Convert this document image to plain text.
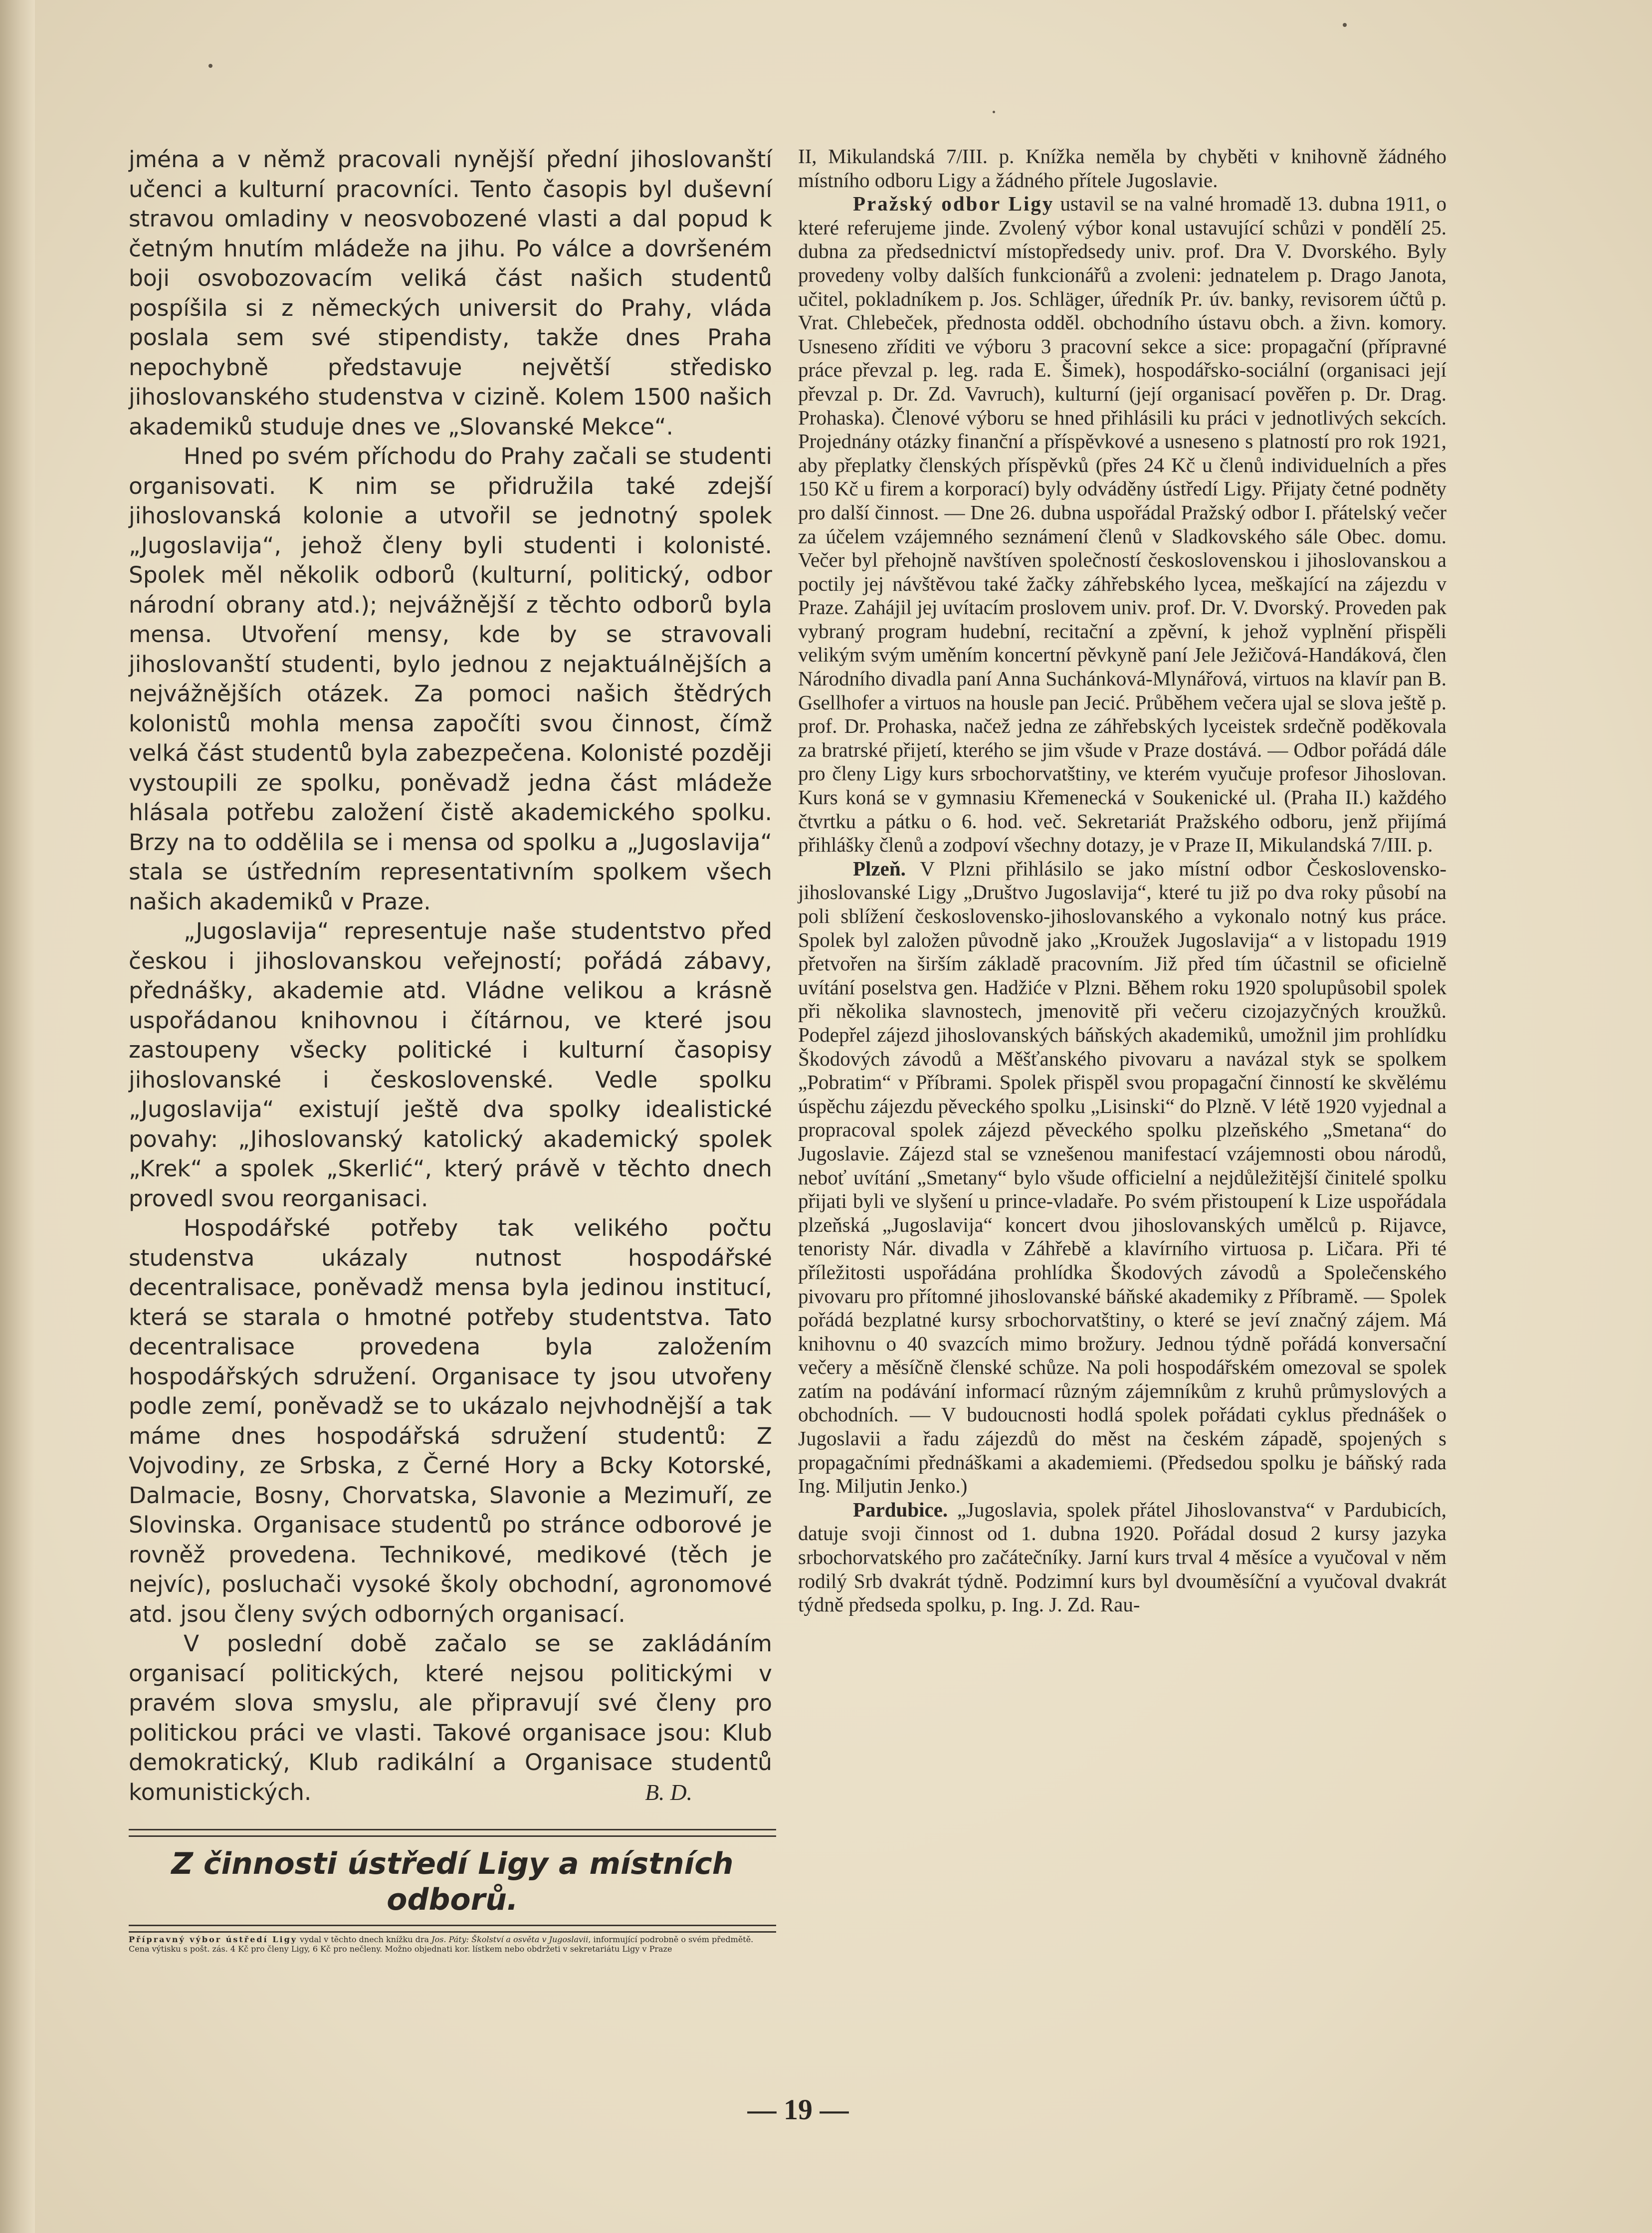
jména a v němž pracovali nynější přední jihoslovanští učenci a kulturní pracovníci. Tento časopis byl duševní stravou omladiny v neosvobozené vlasti a dal popud k četným hnutím mládeže na jihu. Po válce a dovršeném boji osvobozovacím veliká část našich studentů pospíšila si z německých universit do Prahy, vláda poslala sem své stipendisty, takže dnes Praha nepochybně představuje největší středisko jihoslovanského studenstva v cizině. Kolem 1500 našich akademiků studuje dnes ve „Slovanské Mekce“.

Hned po svém příchodu do Prahy začali se studenti organisovati. K nim se přidružila také zdejší jihoslovanská kolonie a utvořil se jednotný spolek „Jugoslavija“, jehož členy byli studenti i kolonisté. Spolek měl několik odborů (kulturní, politický, odbor národní obrany atd.); nejvážnější z těchto odborů byla mensa. Utvoření mensy, kde by se stravovali jihoslovanští studenti, bylo jednou z nejaktuálnějších a nejvážnějších otázek. Za pomoci našich štědrých kolonistů mohla mensa započíti svou činnost, čímž velká část studentů byla zabezpečena. Kolonisté později vystoupili ze spolku, poněvadž jedna část mládeže hlásala potřebu založení čistě akademického spolku. Brzy na to oddělila se i mensa od spolku a „Jugoslavija“ stala se ústředním representativním spolkem všech našich akademiků v Praze.

„Jugoslavija“ representuje naše studentstvo před českou i jihoslovanskou veřejností; pořádá zábavy, přednášky, akademie atd. Vládne velikou a krásně uspořádanou knihovnou i čítárnou, ve které jsou zastoupeny všecky politické i kulturní časopisy jihoslovanské i československé. Vedle spolku „Jugoslavija“ existují ještě dva spolky idealistické povahy: „Jihoslovanský katolický akademický spolek „Krek“ a spolek „Skerlić“, který právě v těchto dnech provedl svou reorganisaci.

Hospodářské potřeby tak velikého počtu studenstva ukázaly nutnost hospodářské decentralisace, poněvadž mensa byla jedinou institucí, která se starala o hmotné potřeby studentstva. Tato decentralisace provedena byla založením hospodářských sdružení. Organisace ty jsou utvořeny podle zemí, poněvadž se to ukázalo nejvhodnější a tak máme dnes hospodářská sdružení studentů: Z Vojvodiny, ze Srbska, z Černé Hory a Bcky Kotorské, Dalmacie, Bosny, Chorvatska, Slavonie a Mezimuří, ze Slovinska. Organisace studentů po stránce odborové je rovněž provedena. Technikové, medikové (těch je nejvíc), posluchači vysoké školy obchodní, agronomové atd. jsou členy svých odborných organisací.

V poslední době začalo se se zakládáním organisací politických, které nejsou politickými v pravém slova smyslu, ale připravují své členy pro politickou práci ve vlasti. Takové organisace jsou: Klub demokratický, Klub radikální a Organisace studentů komunistických.	B. D.

Z činnosti ústředí Ligy a místních odborů.

Přípravný výbor ústředí Ligy vydal v těchto dnech knížku dra Jos. Páty: Školství a osvěta v Jugoslavii, informující podrobně o svém předmětě. Cena výtisku s pošt. zás. 4 Kč pro členy Ligy, 6 Kč pro nečleny. Možno objednati kor. lístkem nebo obdržeti v sekretariátu Ligy v Praze

II, Mikulandská 7/III. p. Knížka neměla by chyběti v knihovně žádného místního odboru Ligy a žádného přítele Jugoslavie.

Pražský odbor Ligy ustavil se na valné hromadě 13. dubna 1911, o které referujeme jinde. Zvolený výbor konal ustavující schůzi v pondělí 25. dubna za předsednictví místopředsedy univ. prof. Dra V. Dvorského. Byly provedeny volby dalších funkcionářů a zvoleni: jednatelem p. Drago Janota, učitel, pokladníkem p. Jos. Schläger, úředník Pr. úv. banky, revisorem účtů p. Vrat. Chlebeček, přednosta odděl. obchodního ústavu obch. a živn. komory. Usneseno zříditi ve výboru 3 pracovní sekce a sice: propagační (přípravné práce převzal p. leg. rada E. Šimek), hospodářsko-sociální (organisaci její převzal p. Dr. Zd. Vavruch), kulturní (její organisací pověřen p. Dr. Drag. Prohaska). Členové výboru se hned přihlásili ku práci v jednotlivých sekcích. Projednány otázky finanční a příspěvkové a usneseno s platností pro rok 1921, aby přeplatky členských příspěvků (přes 24 Kč u členů individuelních a přes 150 Kč u firem a korporací) byly odváděny ústředí Ligy. Přijaty četné podněty pro další činnost. — Dne 26. dubna uspořádal Pražský odbor I. přátelský večer za účelem vzájemného seznámení členů v Sladkovského sále Obec. domu. Večer byl přehojně navštíven společností československou i jihoslovanskou a poctily jej návštěvou také žačky záhřebského lycea, meškající na zájezdu v Praze. Zahájil jej uvítacím proslovem univ. prof. Dr. V. Dvorský. Proveden pak vybraný program hudební, recitační a zpěvní, k jehož vyplnění přispěli velikým svým uměním koncertní pěvkyně paní Jele Ježičová-Handáková, člen Národního divadla paní Anna Suchánková-Mlynářová, virtuos na klavír pan B. Gsellhofer a virtuos na housle pan Jecić. Průběhem večera ujal se slova ještě p. prof. Dr. Prohaska, načež jedna ze záhřebských lyceistek srdečně poděkovala za bratrské přijetí, kterého se jim všude v Praze dostává. — Odbor pořádá dále pro členy Ligy kurs srbochorvatštiny, ve kterém vyučuje profesor Jihoslovan. Kurs koná se v gymnasiu Křemenecká v Soukenické ul. (Praha II.) každého čtvrtku a pátku o 6. hod. več. Sekretariát Pražského odboru, jenž přijímá přihlášky členů a zodpoví všechny dotazy, je v Praze II, Mikulandská 7/III. p.

Plzeň. V Plzni přihlásilo se jako místní odbor Československo-jihoslovanské Ligy „Društvo Jugoslavija“, které tu již po dva roky působí na poli sblížení československo-jihoslovanského a vykonalo notný kus práce. Spolek byl založen původně jako „Kroužek Jugoslavija“ a v listopadu 1919 přetvořen na širším základě pracovním. Již před tím účastnil se oficielně uvítání poselstva gen. Hadžiće v Plzni. Během roku 1920 spolupůsobil spolek při několika slavnostech, jmenovitě při večeru cizojazyčných kroužků. Podepřel zájezd jihoslovanských báňských akademiků, umožnil jim prohlídku Škodových závodů a Měšťanského pivovaru a navázal styk se spolkem „Pobratim“ v Příbrami. Spolek přispěl svou propagační činností ke skvělému úspěchu zájezdu pěveckého spolku „Lisinski“ do Plzně. V létě 1920 vyjednal a propracoval spolek zájezd pěveckého spolku plzeňského „Smetana“ do Jugoslavie. Zájezd stal se vznešenou manifestací vzájemnosti obou národů, neboť uvítání „Smetany“ bylo všude officielní a nejdůležitější činitelé spolku přijati byli ve slyšení u prince-vladaře. Po svém přistoupení k Lize uspořádala plzeňská „Jugoslavija“ koncert dvou jihoslovanských umělců p. Rijavce, tenoristy Nár. divadla v Záhřebě a klavírního virtuosa p. Ličara. Při té příležitosti uspořádána prohlídka Škodových závodů a Společenského pivovaru pro přítomné jihoslovanské báňské akademiky z Příbramě. — Spolek pořádá bezplatné kursy srbochorvatštiny, o které se jeví značný zájem. Má knihovnu o 40 svazcích mimo brožury. Jednou týdně pořádá konversační večery a měsíčně členské schůze. Na poli hospodářském omezoval se spolek zatím na podávání informací různým zájemníkům z kruhů průmyslových a obchodních. — V budoucnosti hodlá spolek pořádati cyklus přednášek o Jugoslavii a řadu zájezdů do měst na českém západě, spojených s propagačními přednáškami a akademiemi. (Předsedou spolku je báňský rada Ing. Miljutin Jenko.)

Pardubice. „Jugoslavia, spolek přátel Jihoslovanstva“ v Pardubicích, datuje svoji činnost od 1. dubna 1920. Pořádal dosud 2 kursy jazyka srbochorvatského pro začátečníky. Jarní kurs trval 4 měsíce a vyučoval v něm rodilý Srb dvakrát týdně. Podzimní kurs byl dvouměsíční a vyučoval dvakrát týdně předseda spolku, p. Ing. J. Zd. Rau-

— 19 —
